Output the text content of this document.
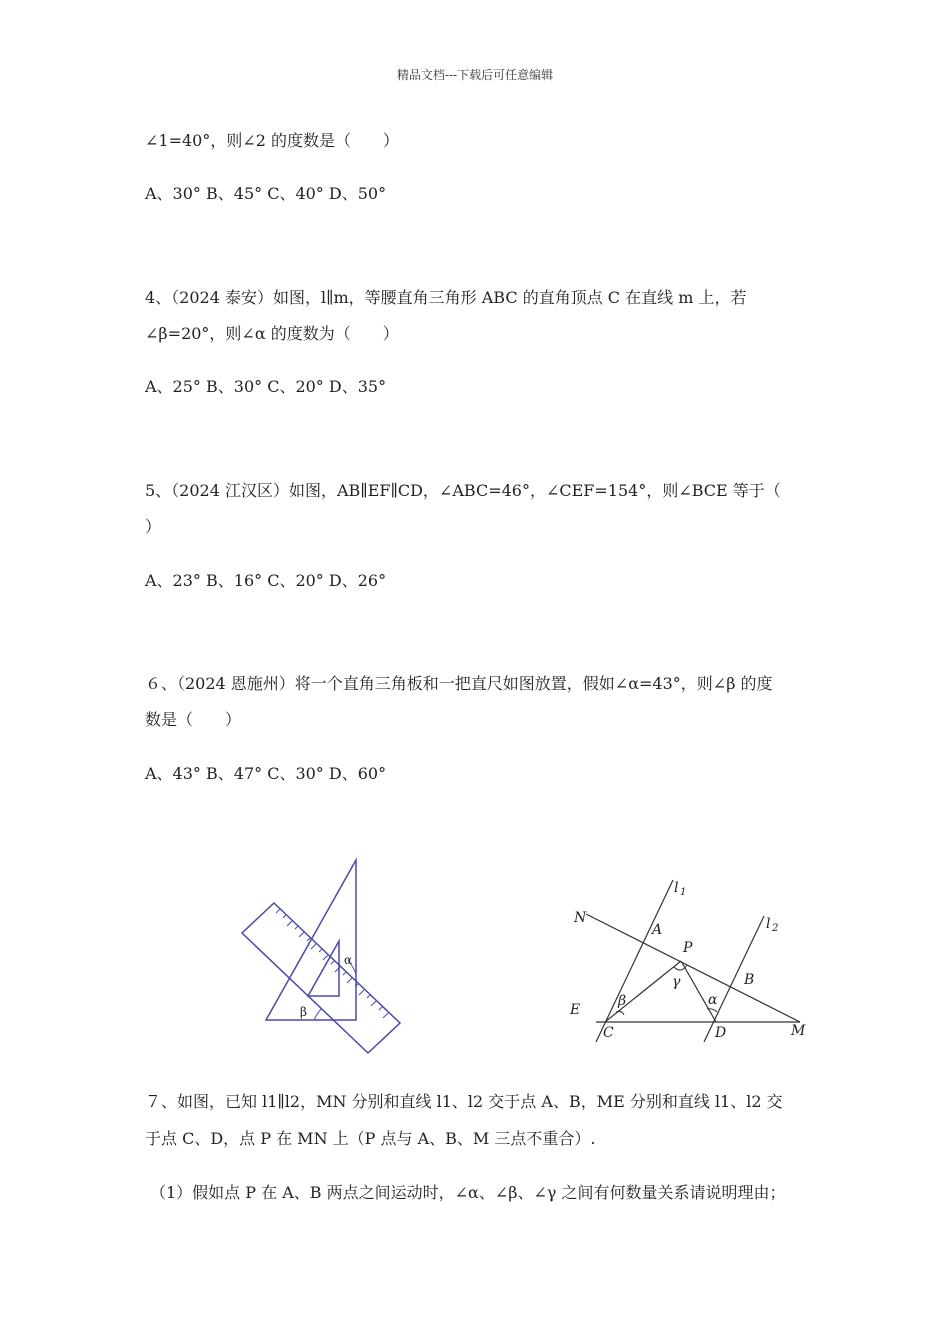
精品文档---下载后可任意编辑
∠1=40°，则∠2 的度数是（　　）
A、30° B、45° C、40° D、50°
4、（2024 泰安）如图，l∥m，等腰直角三角形 ABC 的直角顶点 C 在直线 m 上，若
∠β=20°，则∠α 的度数为（　　）
A、25° B、30° C、20° D、35°
5、（2024 江汉区）如图，AB∥EF∥CD，∠ABC=46°，∠CEF=154°，则∠BCE 等于（
）
A、23° B、16° C、20° D、26°
６、（2024 恩施州）将一个直角三角板和一把直尺如图放置，假如∠α=43°，则∠β 的度
数是（　　）
A、43° B、47° C、30° D、60°
α
β
l 1
l 2
N
A
P
B
E
C	D	M
β
γ
α
７、如图，已知 l1∥l2，MN 分别和直线 l1、l2 交于点 A、B，ME 分别和直线 l1、l2 交
于点 C、D，点 P 在 MN 上（P 点与 A、B、M 三点不重合）.
（1）假如点 P 在 A、B 两点之间运动时，∠α、∠β、∠γ 之间有何数量关系请说明理由；
